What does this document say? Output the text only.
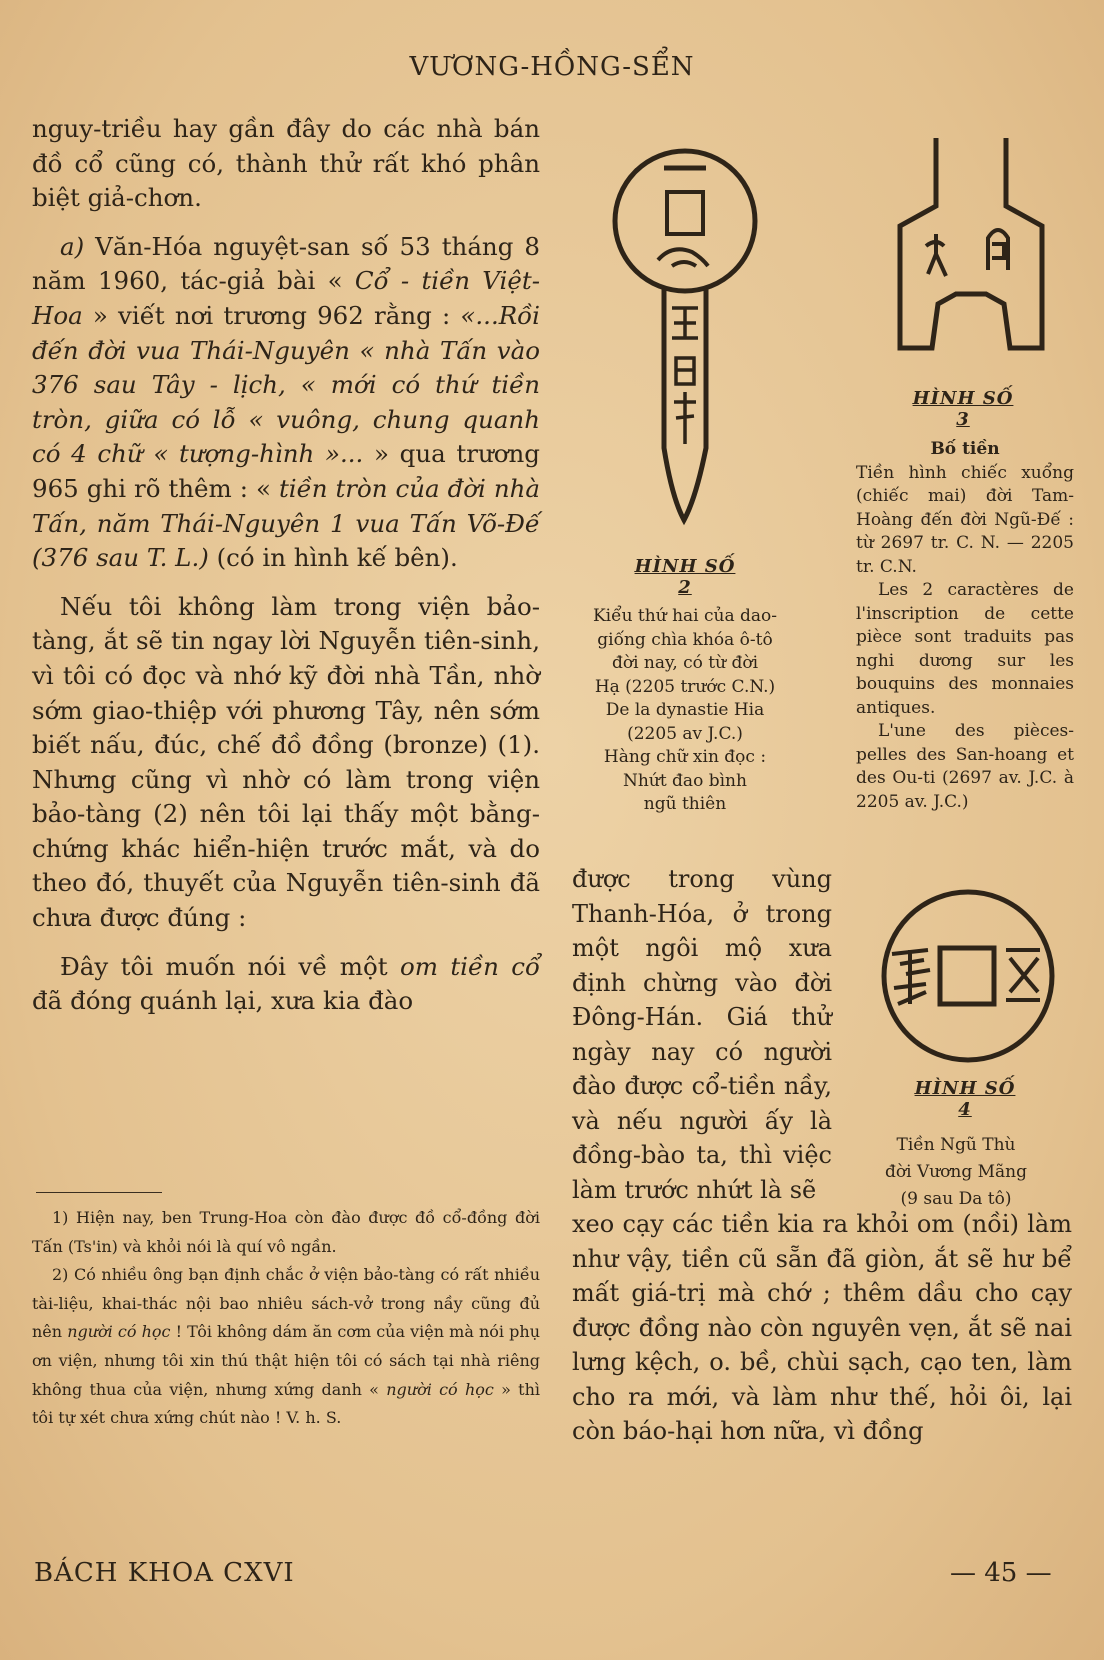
VƯƠNG-HỒNG-SỂN

nguy-triều hay gần đây do các nhà bán đồ cổ cũng có, thành thử rất khó phân biệt giả-chơn.

a) Văn-Hóa nguyệt-san số 53 tháng 8 năm 1960, tác-giả bài « Cổ - tiền Việt-Hoa » viết nơi trương 962 rằng : «...Rồi đến đời vua Thái-Nguyên « nhà Tấn vào 376 sau Tây - lịch, « mới có thứ tiền tròn, giữa có lỗ « vuông, chung quanh có 4 chữ « tượng-hình »... » qua trương 965 ghi rõ thêm : « tiền tròn của đời nhà Tấn, năm Thái-Nguyên 1 vua Tấn Võ-Đế (376 sau T. L.) (có in hình kế bên).

Nếu tôi không làm trong viện bảo-tàng, ắt sẽ tin ngay lời Nguyễn tiên-sinh, vì tôi có đọc và nhớ kỹ đời nhà Tần, nhờ sớm giao-thiệp với phương Tây, nên sớm biết nấu, đúc, chế đồ đồng (bronze) (1). Nhưng cũng vì nhờ có làm trong viện bảo-tàng (2) nên tôi lại thấy một bằng-chứng khác hiển-hiện trước mắt, và do theo đó, thuyết của Nguyễn tiên-sinh đã chưa được đúng :

Đây tôi muốn nói về một om tiền cổ đã đóng quánh lại, xưa kia đào

1) Hiện nay, ben Trung-Hoa còn đào được đồ cổ-đồng đời Tấn (Ts'in) và khỏi nói là quí vô ngần.

2) Có nhiều ông bạn định chắc ở viện bảo-tàng có rất nhiều tài-liệu, khai-thác nội bao nhiêu sách-vở trong nầy cũng đủ nên người có học ! Tôi không dám ăn cơm của viện mà nói phụ ơn viện, nhưng tôi xin thú thật hiện tôi có sách tại nhà riêng không thua của viện, nhưng xứng danh « người có học » thì tôi tự xét chưa xứng chút nào ! V. h. S.

HÌNH SỐ 2
Kiểu thứ hai của dao-
giống chìa khóa ô-tô
đời nay, có từ đời
Hạ (2205 trước C.N.)
De la dynastie Hia
(2205 av J.C.)
Hàng chữ xin đọc :
Nhứt đao bình
ngũ thiên
HÌNH SỐ 3
Bố tiền
Tiền hình chiếc xuổng (chiếc mai) đời Tam-Hoàng đến đời Ngũ-Đế : từ 2697 tr. C. N. — 2205 tr. C.N.
Les 2 caractères de l'inscription de cette pièce sont traduits pas nghi dương sur les bouquins des monnaies antiques.
L'une des pièces-pelles des San-hoang et des Ou-ti (2697 av. J.C. à 2205 av. J.C.)
HÌNH SỐ 4
Tiền Ngũ Thù
đời Vương Mãng
(9 sau Da tô)
được trong vùng Thanh-Hóa, ở trong một ngôi mộ xưa định chừng vào đời Đông-Hán. Giá thử ngày nay có người đào được cổ-tiền nầy, và nếu người ấy là đồng-bào ta, thì việc làm trước nhứt là sẽ
xeo cạy các tiền kia ra khỏi om (nồi) làm như vậy, tiền cũ sẵn đã giòn, ắt sẽ hư bể mất giá-trị mà chớ ; thêm dầu cho cạy được đồng nào còn nguyên vẹn, ắt sẽ nai lưng kệch, o. bề, chùi sạch, cạo ten, làm cho ra mới, và làm như thế, hỏi ôi, lại còn báo-hại hơn nữa, vì đồng
BÁCH KHOA CXVI	— 45 —
